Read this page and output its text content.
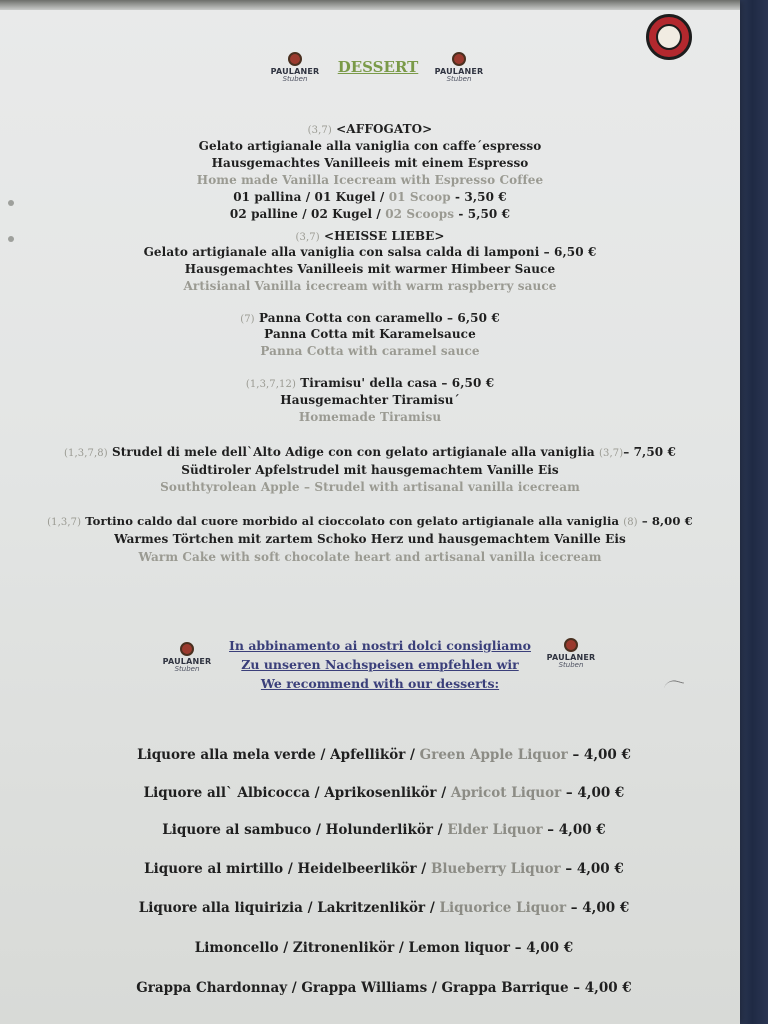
PAULANER
Stuben
DESSERT	PAULANER
Stuben
(3,7) <AFFOGATO>
Gelato artigianale alla vaniglia con caffe´espresso
Hausgemachtes Vanilleeis mit einem Espresso
Home made Vanilla Icecream with Espresso Coffee
01 pallina / 01 Kugel / 01 Scoop - 3,50 €
02 palline / 02 Kugel / 02 Scoops - 5,50 €
(3,7) <HEISSE LIEBE>
Gelato artigianale alla vaniglia con salsa calda di lamponi – 6,50 €
Hausgemachtes Vanilleeis mit warmer Himbeer Sauce
Artisianal Vanilla icecream with warm raspberry sauce
(7) Panna Cotta con caramello – 6,50 €
Panna Cotta mit Karamelsauce
Panna Cotta with caramel sauce
(1,3,7,12) Tiramisu' della casa – 6,50 €
Hausgemachter Tiramisu´
Homemade Tiramisu
(1,3,7,8) Strudel di mele dell`Alto Adige con con gelato artigianale alla vaniglia (3,7)– 7,50 €
Südtiroler Apfelstrudel mit hausgemachtem Vanille Eis
Southtyrolean Apple – Strudel with artisanal vanilla icecream
(1,3,7) Tortino caldo dal cuore morbido al cioccolato con gelato artigianale alla vaniglia (8) – 8,00 €
Warmes Törtchen mit zartem Schoko Herz und hausgemachtem Vanille Eis
Warm Cake with soft chocolate heart and artisanal vanilla icecream
PAULANER
Stuben
In abbinamento ai nostri dolci consigliamo
Zu unseren Nachspeisen empfehlen wir
We recommend with our desserts:
PAULANER
Stuben
Liquore alla mela verde / Apfellikör / Green Apple Liquor – 4,00 €
Liquore all` Albicocca / Aprikosenlikör / Apricot Liquor – 4,00 €
Liquore al sambuco / Holunderlikör / Elder Liquor – 4,00 €
Liquore al mirtillo / Heidelbeerlikör / Blueberry Liquor – 4,00 €
Liquore alla liquirizia / Lakritzenlikör / Liquorice Liquor – 4,00 €
Limoncello / Zitronenlikör / Lemon liquor – 4,00 €
Grappa Chardonnay / Grappa Williams / Grappa Barrique – 4,00 €
